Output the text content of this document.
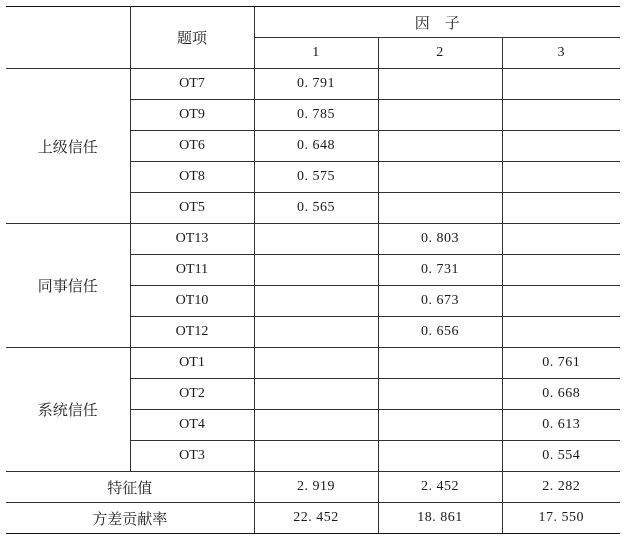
	题项	因　子		
		1	2	3
上级信任	OT7	0. 791		
	OT9	0. 785		
	OT6	0. 648		
	OT8	0. 575		
	OT5	0. 565		
同事信任	OT13		0. 803	
	OT11		0. 731	
	OT10		0. 673	
	OT12		0. 656	
系统信任	OT1			0. 761
	OT2			0. 668
	OT4			0. 613
	OT3			0. 554
特征值		2. 919	2. 452	2. 282
方差贡献率		22. 452	18. 861	17. 550
